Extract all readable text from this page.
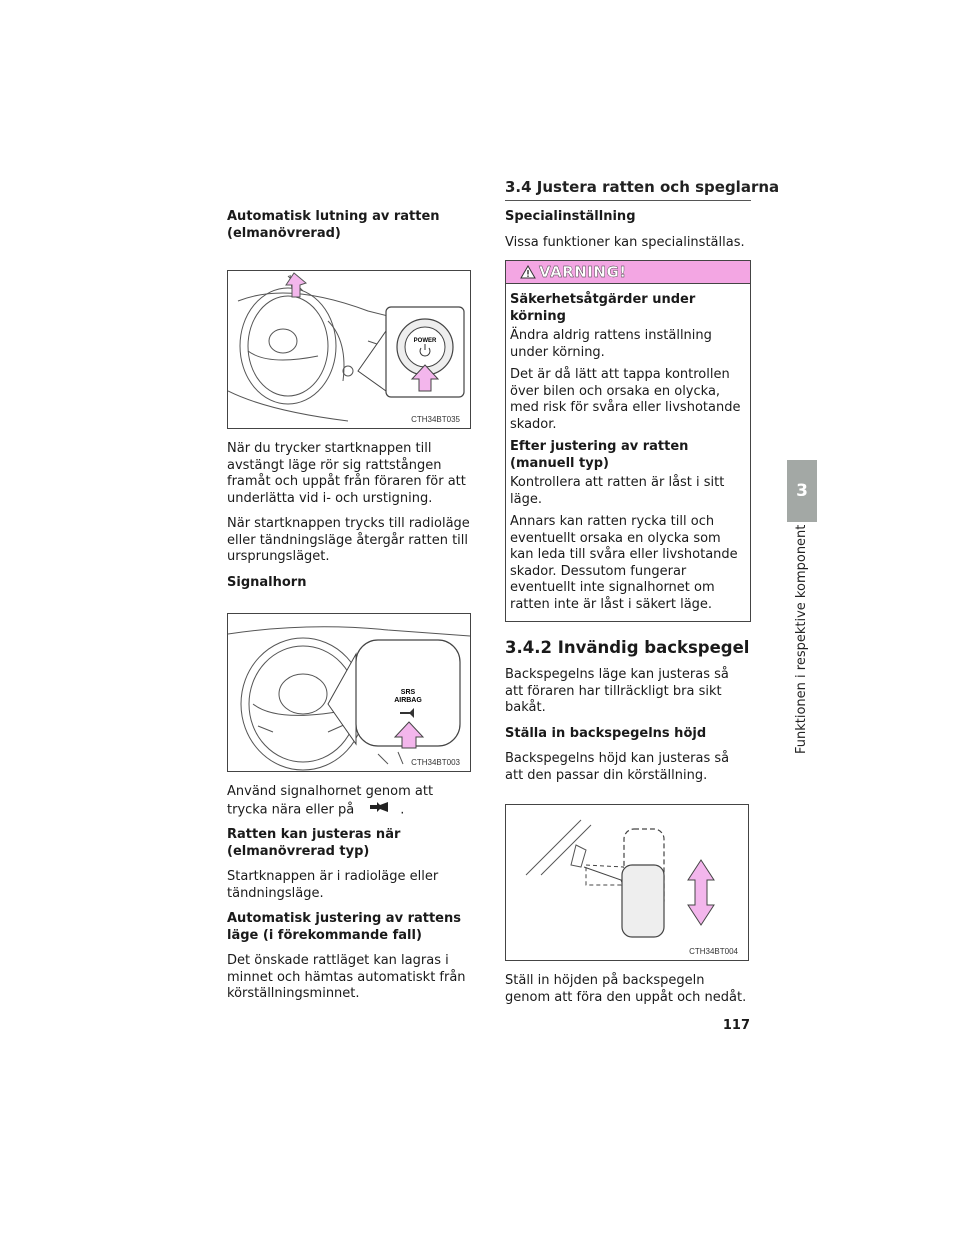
3.4 Justera ratten och speglarna
Automatisk lutning av ratten (elmanövrerad)
POWER
CTH34BT035

När du trycker startknappen till avstängt läge rör sig rattstången framåt och uppåt från föraren för att underlätta vid i- och urstigning.

När startknappen trycks till radioläge eller tändningsläge återgår ratten till ursprungsläget.

Signalhorn
SRS
AIRBAG
CTH34BT003

Använd signalhornet genom att trycka nära eller på	.

Ratten kan justeras när (elmanövrerad typ)

Startknappen är i radioläge eller tändningsläge.

Automatisk justering av rattens läge (i förekommande fall)

Det önskade rattläget kan lagras i minnet och hämtas automatiskt från körställningsminnet.

Specialinställning

Vissa funktioner kan specialinställas.

VARNING!
Säkerhetsåtgärder under körning

Ändra aldrig rattens inställning under körning.

Det är då lätt att tappa kontrollen över bilen och orsaka en olycka, med risk för svåra eller livshotande skador.

Efter justering av ratten (manuell typ)

Kontrollera att ratten är låst i sitt läge.

Annars kan ratten rycka till och eventuellt orsaka en olycka som kan leda till svåra eller livshotande skador. Dessutom fungerar eventuellt inte signalhornet om ratten inte är låst i säkert läge.

3.4.2 Invändig backspegel

Backspegelns läge kan justeras så att föraren har tillräckligt bra sikt bakåt.

Ställa in backspegelns höjd

Backspegelns höjd kan justeras så att den passar din körställning.

CTH34BT004

Ställ in höjden på backspegeln genom att föra den uppåt och nedåt.

3
Funktionen i respektive komponent
117
